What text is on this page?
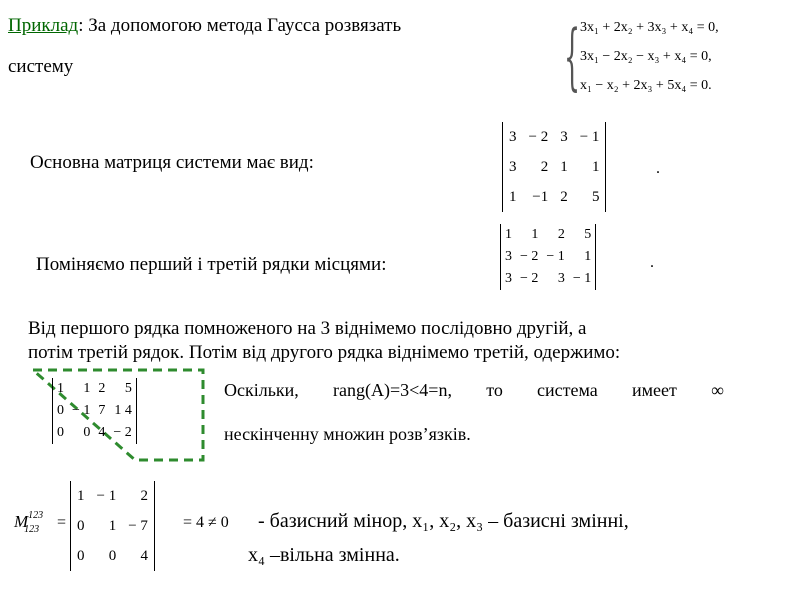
Приклад: За допомогою метода Гаусса розвязать
систему	{ 3x₁ + 2x₂ + 3x₃ + x₄ = 0,
3x₁ − 2x₂ − x₃ + x₄ = 0,
x₁ − x₂ + 2x₃ + 5x₄ = 0.
Основна матриця системи має вид:
3	− 2	3	− 1
3	2	1	1
1	−1	2	5
.
Поміняємо перший і третій рядки місцями:
1	1	2	5
3	− 2	− 1	1
3	− 2	3	− 1
.
Від першого рядка помноженого на 3 віднімемо послідовно другій, а
потім третій рядок. Потім від другого рядка віднімемо третій, одержимо:
1	1	2	5
0	− 1	7	1 4
0	0	4	− 2
Оскільки, rang(A)=3<4=n, то система имеет ∞
нескінченну множин розв’язків.
$M^{123}_{123}$	=
1	− 1	2
0	1	− 7
0	0	4
= 4 ≠ 0 - базисний мінор, x₁, x₂, x₃ – базисні змінні,
x₄ –вільна змінна.
